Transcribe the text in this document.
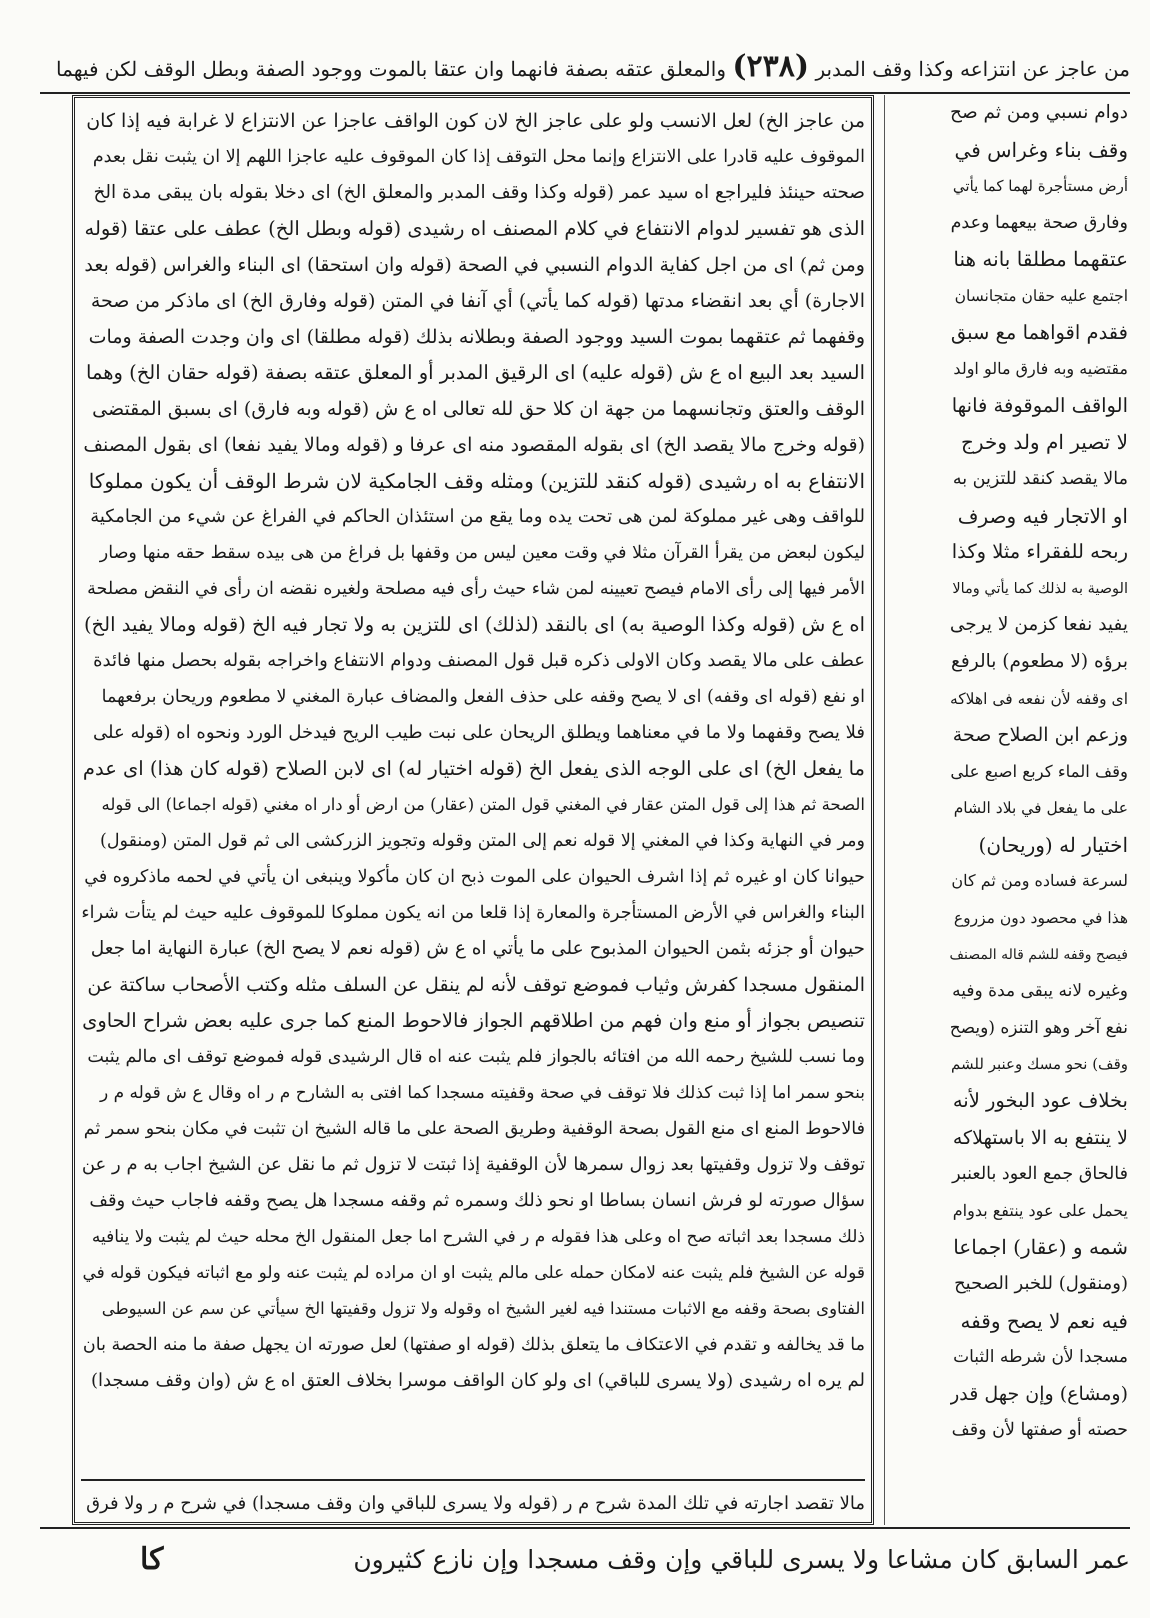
من عاجز عن انتزاعه وكذا وقف المدبر (٢٣٨) والمعلق عتقه بصفة فانهما وان عتقا بالموت ووجود الصفة وبطل الوقف لكن فيهما

دوام نسبي ومن ثم صح

وقف بناء وغراس في

أرض مستأجرة لهما كما يأتي

وفارق صحة بيعهما وعدم

عتقهما مطلقا بانه هنا

اجتمع عليه حقان متجانسان

فقدم اقواهما مع سبق

مقتضيه وبه فارق مالو اولد

الواقف الموقوفة فانها

لا تصير ام ولد وخرج

مالا يقصد كنقد للتزين به

او الاتجار فيه وصرف

ربحه للفقراء مثلا وكذا

الوصية به لذلك كما يأتي ومالا

يفيد نفعا كزمن لا يرجى

برؤه (لا مطعوم) بالرفع

اى وقفه لأن نفعه فى اهلاكه

وزعم ابن الصلاح صحة

وقف الماء كربع اصبع على

على ما يفعل في بلاد الشام

اختيار له (وريحان)

لسرعة فساده ومن ثم كان

هذا في محصود دون مزروع

فيصح وقفه للشم قاله المصنف

وغيره لانه يبقى مدة وفيه

نفع آخر وهو التنزه (ويصح

وقف) نحو مسك وعنبر للشم

بخلاف عود البخور لأنه

لا ينتفع به الا باستهلاكه

فالحاق جمع العود بالعنبر

يحمل على عود ينتفع بدوام

شمه و (عقار) اجماعا

(ومنقول) للخبر الصحيح

فيه نعم لا يصح وقفه

مسجدا لأن شرطه الثبات

(ومشاع) وإن جهل قدر

حصته أو صفتها لأن وقف

من عاجز الخ) لعل الانسب ولو على عاجز الخ لان كون الواقف عاجزا عن الانتزاع لا غرابة فيه إذا كان

الموقوف عليه قادرا على الانتزاع وإنما محل التوقف إذا كان الموقوف عليه عاجزا اللهم إلا ان يثبت نقل بعدم

صحته حينئذ فليراجع اه سيد عمر (قوله وكذا وقف المدبر والمعلق الخ) اى دخلا بقوله بان يبقى مدة الخ

الذى هو تفسير لدوام الانتفاع في كلام المصنف اه رشيدى (قوله وبطل الخ) عطف على عتقا (قوله

ومن ثم) اى من اجل كفاية الدوام النسبي في الصحة (قوله وان استحقا) اى البناء والغراس (قوله بعد

الاجارة) أي بعد انقضاء مدتها (قوله كما يأتي) أي آنفا في المتن (قوله وفارق الخ) اى ماذكر من صحة

وقفهما ثم عتقهما بموت السيد ووجود الصفة وبطلانه بذلك (قوله مطلقا) اى وان وجدت الصفة ومات

السيد بعد البيع اه ع ش (قوله عليه) اى الرقيق المدبر أو المعلق عتقه بصفة (قوله حقان الخ) وهما

الوقف والعتق وتجانسهما من جهة ان كلا حق لله تعالى اه ع ش (قوله وبه فارق) اى بسبق المقتضى

(قوله وخرج مالا يقصد الخ) اى بقوله المقصود منه اى عرفا و (قوله ومالا يفيد نفعا) اى بقول المصنف

الانتفاع به اه رشيدى (قوله كنقد للتزين) ومثله وقف الجامكية لان شرط الوقف أن يكون مملوكا

للواقف وهى غير مملوكة لمن هى تحت يده وما يقع من استئذان الحاكم في الفراغ عن شيء من الجامكية

ليكون لبعض من يقرأ القرآن مثلا في وقت معين ليس من وقفها بل فراغ من هى بيده سقط حقه منها وصار

الأمر فيها إلى رأى الامام فيصح تعيينه لمن شاء حيث رأى فيه مصلحة ولغيره نقضه ان رأى في النقض مصلحة

اه ع ش (قوله وكذا الوصية به) اى بالنقد (لذلك) اى للتزين به ولا تجار فيه الخ (قوله ومالا يفيد الخ)

عطف على مالا يقصد وكان الاولى ذكره قبل قول المصنف ودوام الانتفاع واخراجه بقوله بحصل منها فائدة

او نفع (قوله اى وقفه) اى لا يصح وقفه على حذف الفعل والمضاف عبارة المغني لا مطعوم وريحان برفعهما

فلا يصح وقفهما ولا ما في معناهما ويطلق الريحان على نبت طيب الريح فيدخل الورد ونحوه اه (قوله على

ما يفعل الخ) اى على الوجه الذى يفعل الخ (قوله اختيار له) اى لابن الصلاح (قوله كان هذا) اى عدم

الصحة ثم هذا إلى قول المتن عقار في المغني قول المتن (عقار) من ارض أو دار اه مغني (قوله اجماعا) الى قوله

ومر في النهاية وكذا في المغني إلا قوله نعم إلى المتن وقوله وتجويز الزركشى الى ثم قول المتن (ومنقول)

حيوانا كان او غيره ثم إذا اشرف الحيوان على الموت ذبح ان كان مأكولا وينبغى ان يأتي في لحمه ماذكروه في

البناء والغراس في الأرض المستأجرة والمعارة إذا قلعا من انه يكون مملوكا للموقوف عليه حيث لم يتأت شراء

حيوان أو جزئه بثمن الحيوان المذبوح على ما يأتي اه ع ش (قوله نعم لا يصح الخ) عبارة النهاية اما جعل

المنقول مسجدا كفرش وثياب فموضع توقف لأنه لم ينقل عن السلف مثله وكتب الأصحاب ساكتة عن

تنصيص بجواز أو منع وان فهم من اطلاقهم الجواز فالاحوط المنع كما جرى عليه بعض شراح الحاوى

وما نسب للشيخ رحمه الله من افتائه بالجواز فلم يثبت عنه اه قال الرشيدى قوله فموضع توقف اى مالم يثبت

بنحو سمر اما إذا ثبت كذلك فلا توقف في صحة وقفيته مسجدا كما افتى به الشارح م ر اه وقال ع ش قوله م ر

فالاحوط المنع اى منع القول بصحة الوقفية وطريق الصحة على ما قاله الشيخ ان تثبت في مكان بنحو سمر ثم

توقف ولا تزول وقفيتها بعد زوال سمرها لأن الوقفية إذا ثبتت لا تزول ثم ما نقل عن الشيخ اجاب به م ر عن

سؤال صورته لو فرش انسان بساطا او نحو ذلك وسمره ثم وقفه مسجدا هل يصح وقفه فاجاب حيث وقف

ذلك مسجدا بعد اثباته صح اه وعلى هذا فقوله م ر في الشرح اما جعل المنقول الخ محله حيث لم يثبت ولا ينافيه

قوله عن الشيخ فلم يثبت عنه لامكان حمله على مالم يثبت او ان مراده لم يثبت عنه ولو مع اثباته فيكون قوله في

الفتاوى بصحة وقفه مع الاثبات مستندا فيه لغير الشيخ اه وقوله ولا تزول وقفيتها الخ سيأتي عن سم عن السيوطى

ما قد يخالفه و تقدم في الاعتكاف ما يتعلق بذلك (قوله او صفتها) لعل صورته ان يجهل صفة ما منه الحصة بان

لم يره اه رشيدى (ولا يسرى للباقي) اى ولو كان الواقف موسرا بخلاف العتق اه ع ش (وان وقف مسجدا)

مالا تقصد اجارته في تلك المدة شرح م ر (قوله ولا يسرى للباقي وان وقف مسجدا) في شرح م ر ولا فرق
عمر السابق كان مشاعا ولا يسرى للباقي وإن وقف مسجدا وإن نازع كثيرون
كا
